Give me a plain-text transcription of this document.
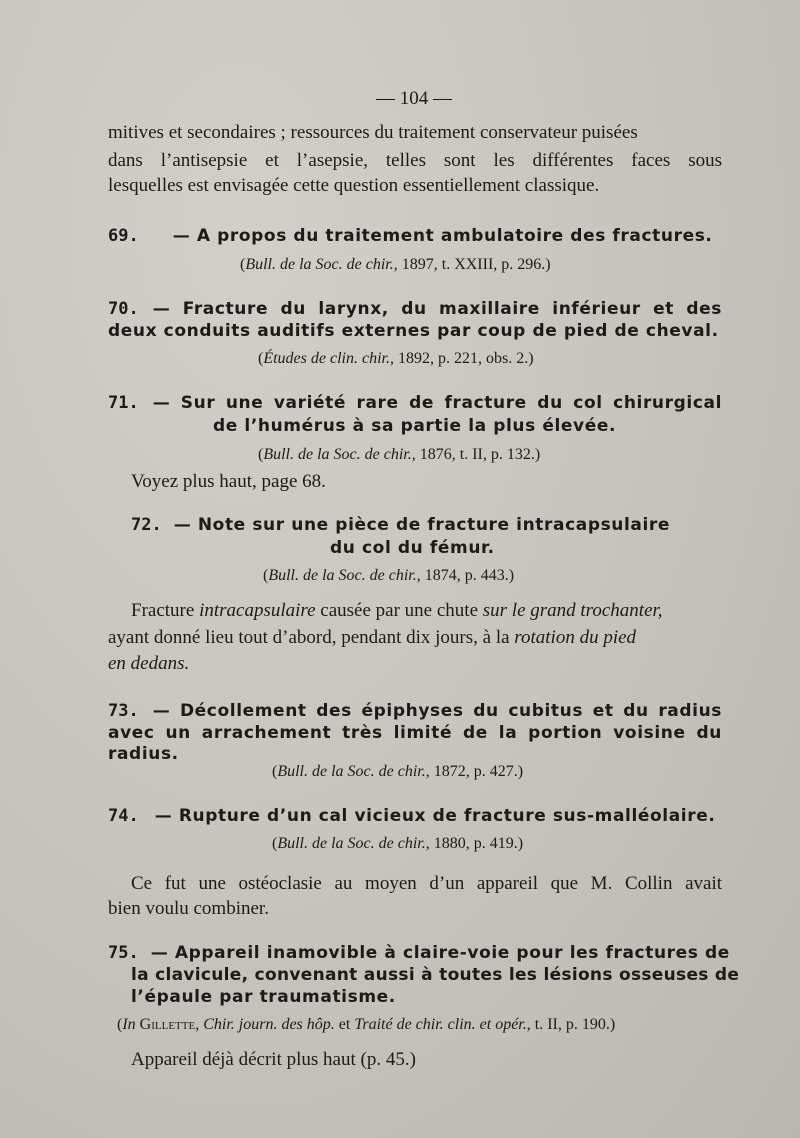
— 104 —
mitives et secondaires ; ressources du traitement conservateur puisées
dans l’antisepsie et l’asepsie, telles sont les différentes faces sous
lesquelles est envisagée cette question essentiellement classique.
69. — A propos du traitement ambulatoire des fractures.
(Bull. de la Soc. de chir., 1897, t. XXIII, p. 296.)
70. — Fracture du larynx, du maxillaire inférieur et des
deux conduits auditifs externes par coup de pied de cheval.
(Études de clin. chir., 1892, p. 221, obs. 2.)
71. — Sur une variété rare de fracture du col chirurgical
de l’humérus à sa partie la plus élevée.
(Bull. de la Soc. de chir., 1876, t. II, p. 132.)
Voyez plus haut, page 68.
72. — Note sur une pièce de fracture intracapsulaire
du col du fémur.
(Bull. de la Soc. de chir., 1874, p. 443.)
Fracture intracapsulaire causée par une chute sur le grand trochanter,
ayant donné lieu tout d’abord, pendant dix jours, à la rotation du pied
en dedans.
73. — Décollement des épiphyses du cubitus et du radius
avec un arrachement très limité de la portion voisine du
radius.
(Bull. de la Soc. de chir., 1872, p. 427.)
74. — Rupture d’un cal vicieux de fracture sus-malléolaire.
(Bull. de la Soc. de chir., 1880, p. 419.)
Ce fut une ostéoclasie au moyen d’un appareil que M. Collin avait
bien voulu combiner.
75. — Appareil inamovible à claire-voie pour les fractures de
la clavicule, convenant aussi à toutes les lésions osseuses de
l’épaule par traumatisme.
(In Gillette, Chir. journ. des hôp. et Traité de chir. clin. et opér., t. II, p. 190.)
Appareil déjà décrit plus haut (p. 45.)
